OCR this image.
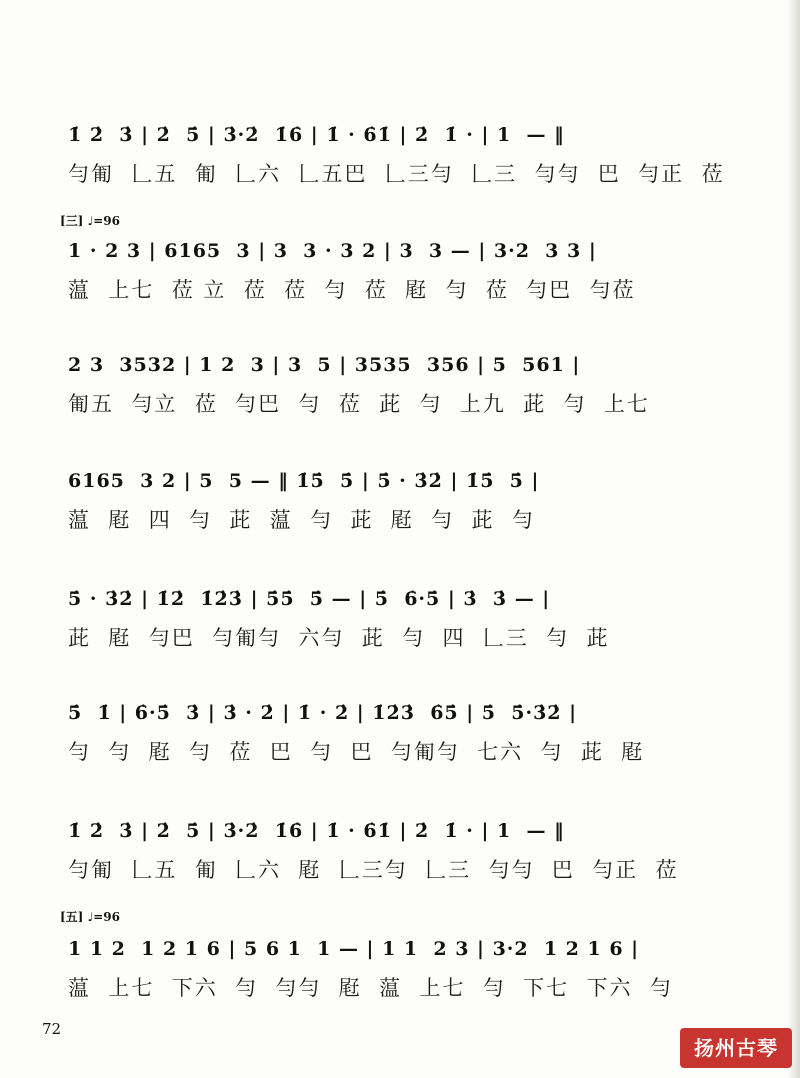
1̇ 2̇  3̇ | 2̇  5̇ | 3̇·2̇  1̇6̇ | 1̇ · 6̇1̇ | 2̇  1̇ · | 1  — ‖
勻匍  𠃊五  匍  𠃊六  𠃊五巴  𠃊三勻  𠃊三  勻勻  巴  勻正  莅
[三] ♩=96
1 · 2 3 | 6165  3 | 3  3 · 3 2 | 3  3 — | 3·2  3 3 |
蕰  上七  莅 立  莅  莅  勻  莅  屘  勻  莅  勻巴  勻莅
2 3  3532 | 1 2  3 | 3  5 | 3535  356 | 5  561 |
匍五  勻立  莅  勻巴  勻  莅  茈  勻  上九  茈  勻  上七
6165  3 2 | 5  5 — ‖ 1̇5̇  5̇ | 5̇ · 3̇2̇ | 1̇5̇  5̇ |
蕰  屘  四  勻  茈  蕰  勻  茈  屘  勻  茈  勻
5̇ · 3̇2̇ | 1̇2̇  1̇2̇3̇ | 5̇5̇  5̇ — | 5̇  6̇·5̇ | 3̇  3̇ — |
茈  屘  勻巴  勻匍勻  六勻  茈  勻  四  𠃊三  勻  茈
5̇  1̇ | 6̇·5̇  3̇ | 3̇ · 2̇ | 1̇ · 2̇ | 1̇2̇3̇  6̇5̇ | 5̇  5̇·3̇2̇ |
勻  勻  屘  勻  莅  巴  勻  巴  勻匍勻  七六  勻  茈  屘
1̇ 2̇  3̇ | 2̇  5̇ | 3̇·2̇  1̇6̇ | 1̇ · 6̇1̇ | 2̇  1̇ · | 1  — ‖
勻匍  𠃊五  匍  𠃊六  屘  𠃊三勻  𠃊三  勻勻  巴  勻正  莅
[五] ♩=96
1 1 2  1 2 1 6 | 5 6 1  1 — | 1 1  2 3 | 3·2  1 2 1 6 |
蕰  上七  下六  勻  勻勻  屘  蕰  上七  勻  下七  下六  勻
72
扬州古琴
